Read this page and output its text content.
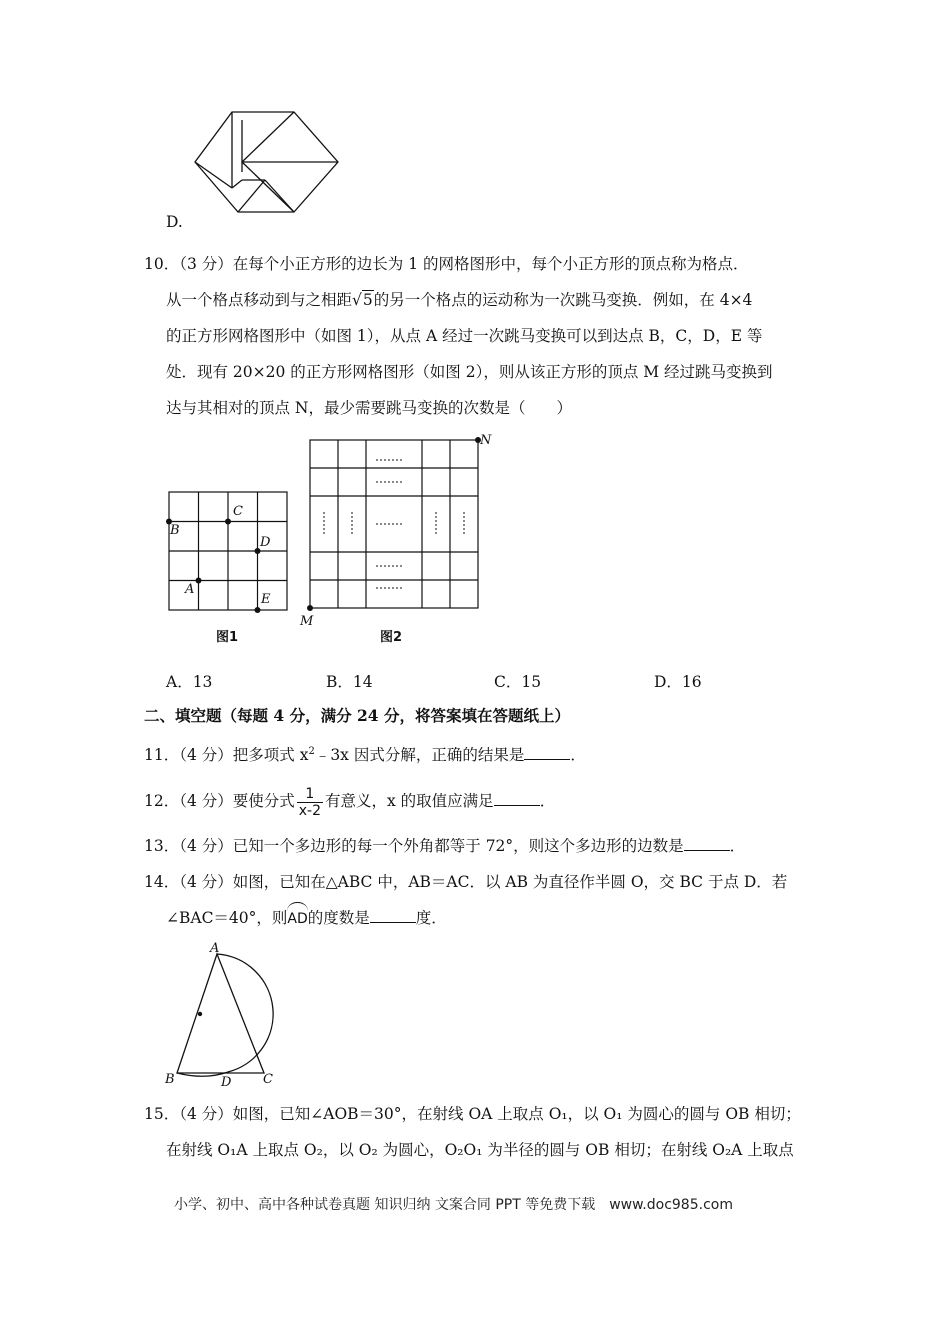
D.
10．（3 分）在每个小正方形的边长为 1 的网格图形中，每个小正方形的顶点称为格点．
从一个格点移动到与之相距√5的另一个格点的运动称为一次跳马变换．例如，在 4×4
的正方形网格图形中（如图 1），从点 A 经过一次跳马变换可以到达点 B，C，D，E 等
处．现有 20×20 的正方形网格图形（如图 2），则从该正方形的顶点 M 经过跳马变换到
达与其相对的顶点 N，最少需要跳马变换的次数是（　　）
B
C
D
A
E
图1
M
N
图2
A．13	B．14	C．15	D．16
二、填空题（每题 4 分，满分 24 分，将答案填在答题纸上）
11．（4 分）把多项式 $x^2﹣3x$ 因式分解，正确的结果是	．
12．（4 分）要使分式 $\frac{1}{x-2}$ 有意义，x 的取值应满足	．
13．（4 分）已知一个多边形的每一个外角都等于 72°，则这个多边形的边数是	．
14．（4 分）如图，已知在△ABC 中，AB＝AC．以 AB 为直径作半圆 O，交 BC 于点 D．若
∠BAC＝40°，则
AD的度数是	度．
A
B	D C
15．（4 分）如图，已知∠AOB＝30°，在射线 OA 上取点 O₁，以 O₁ 为圆心的圆与 OB 相切；
在射线 O₁A 上取点 O₂，以 O₂ 为圆心，O₂O₁ 为半径的圆与 OB 相切；在射线 O₂A 上取点
小学、初中、高中各种试卷真题 知识归纳 文案合同 PPT 等免费下载　www.doc985.com
